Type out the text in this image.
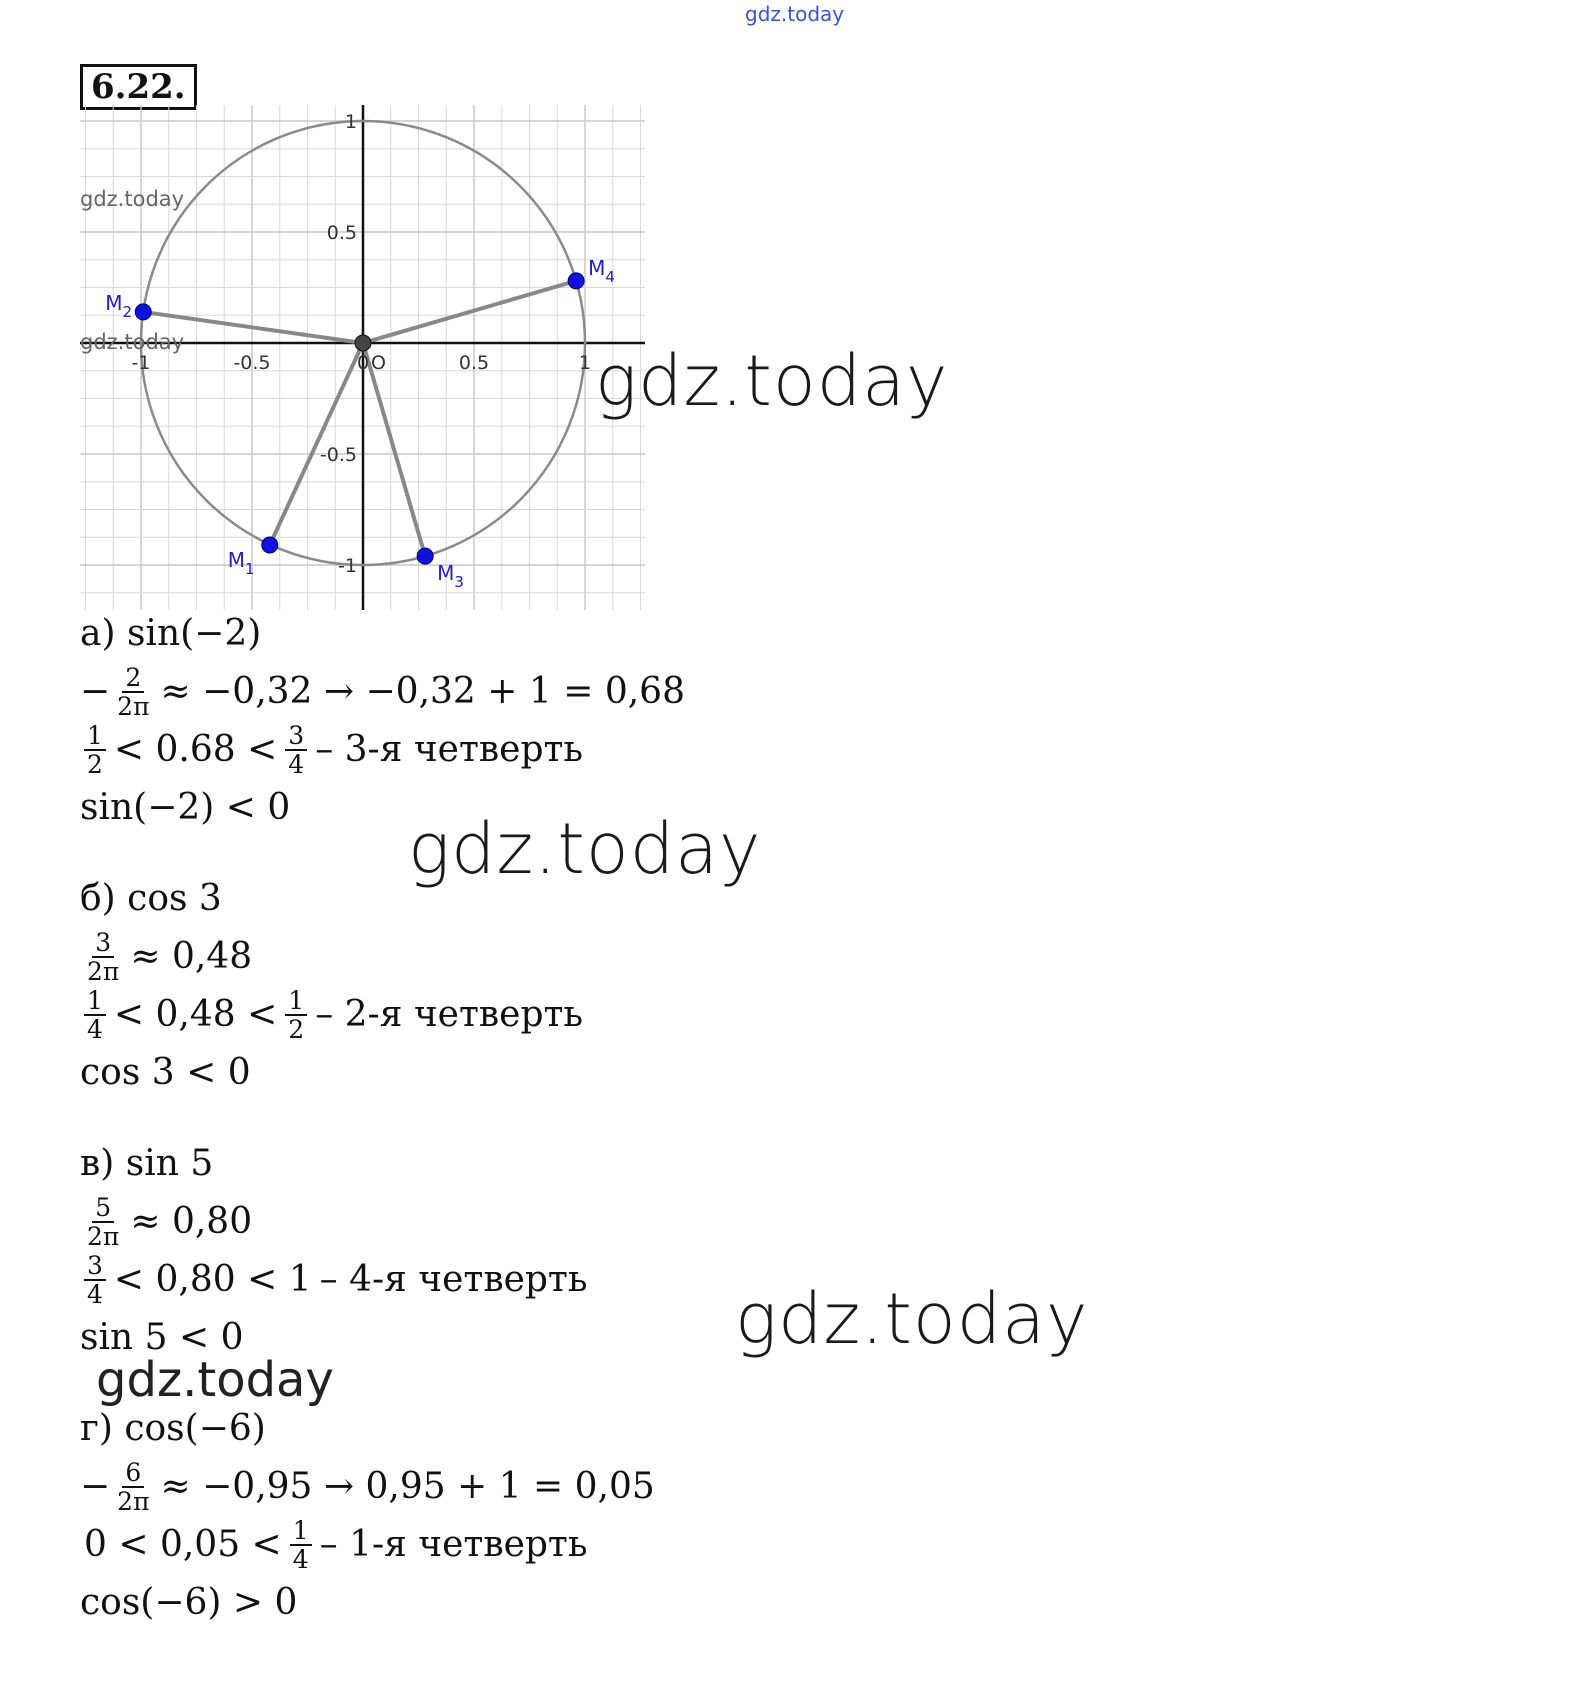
gdz.today
6.22.
-1	-0.5	0	0.5	1
1
0.5
-0.5
-1
O
$M_1$
$M_2$
$M_3$
$M_4$
gdz.today
gdz.today	gdz.today
gdz.today
gdz.today
gdz.today
а) sin(−2)
− $\frac{2}{2\pi} \approx -0,32 \to -0,32 + 1 = 0,68$
$\frac{1}{2} < 0.68 < \frac{3}{4} - 3-я$ четверть
sin(−2) < 0
б) cos 3
$\frac{3}{2\pi} \approx 0,48$
$\frac{1}{4} < 0,48 < \frac{1}{2} - 2-я$ четверть
cos 3 < 0
в) sin 5
$\frac{5}{2\pi} \approx 0,80$
$\frac{3}{4} < 0,80 < 1 - 4-я$ четверть
sin 5 < 0
г) cos(−6)
− $\frac{6}{2\pi} \approx -0,95 \to 0,95 + 1 = 0,05$
$0 < 0,05 < \frac{1}{4} - 1-я$ четверть
cos(−6) > 0
